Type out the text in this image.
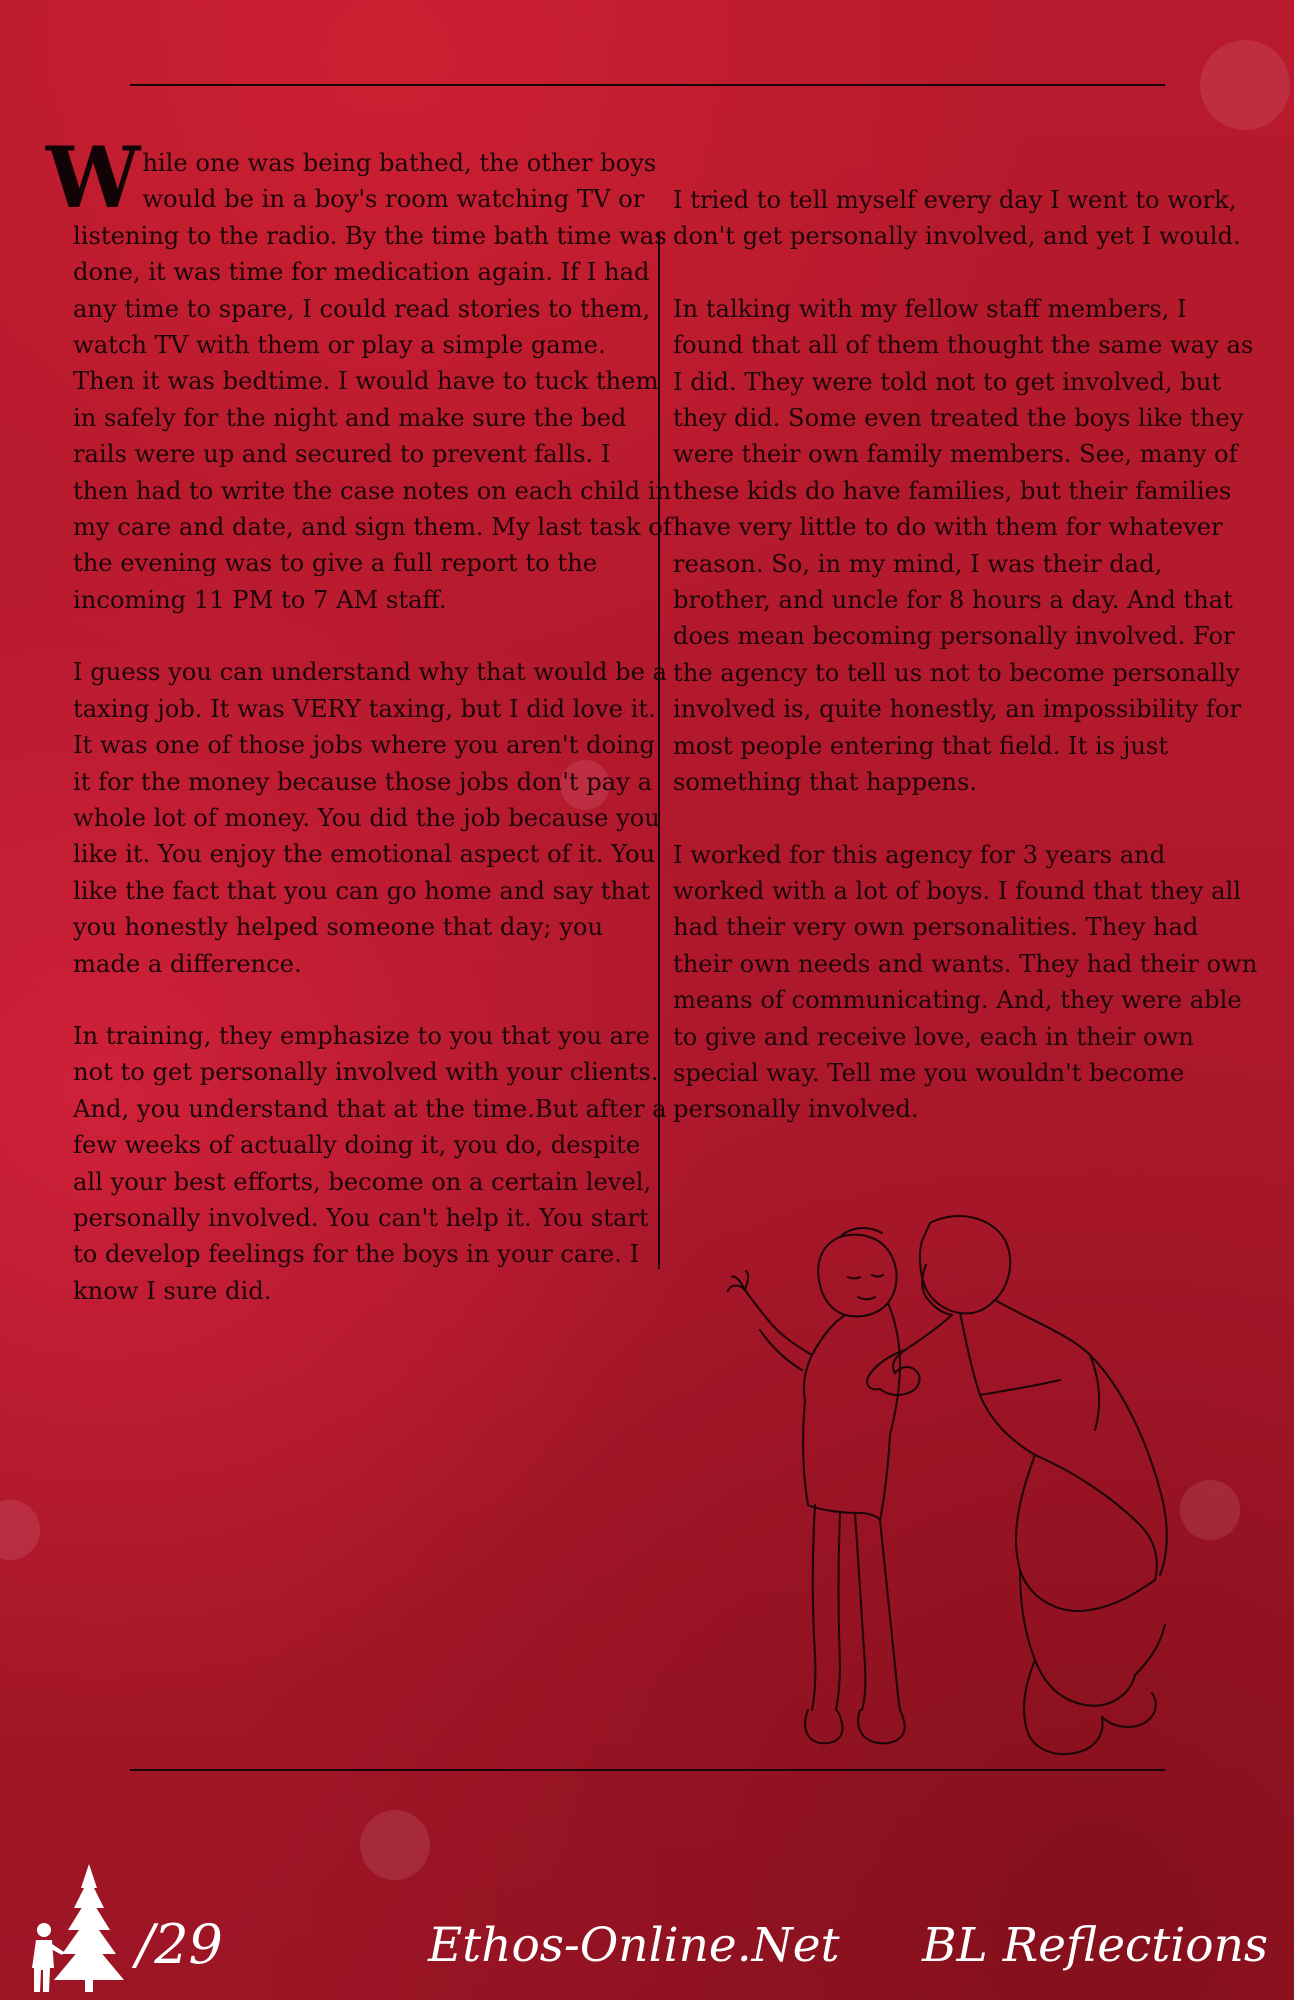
While one was being bathed, the other boys would be in a boy's room watching TV or listening to the radio. By the time bath time was done, it was time for medication again. If I had any time to spare, I could read stories to them, watch TV with them or play a simple game. Then it was bedtime. I would have to tuck them in safely for the night and make sure the bed rails were up and secured to prevent falls. I then had to write the case notes on each child in my care and date, and sign them. My last task of the evening was to give a full report to the incoming 11 PM to 7 AM staff.

I guess you can understand why that would be a taxing job. It was VERY taxing, but I did love it. It was one of those jobs where you aren't doing it for the money because those jobs don't pay a whole lot of money. You did the job because you like it. You enjoy the emotional aspect of it. You like the fact that you can go home and say that you honestly helped someone that day; you made a difference.

In training, they emphasize to you that you are not to get personally involved with your clients. And, you understand that at the time.But after a few weeks of actually doing it, you do, despite all your best efforts, become on a certain level, personally involved. You can't help it. You start to develop feelings for the boys in your care. I know I sure did.

I tried to tell myself every day I went to work, don't get personally involved, and yet I would.

In talking with my fellow staff members, I found that all of them thought the same way as I did. They were told not to get involved, but they did. Some even treated the boys like they were their own family members. See, many of these kids do have families, but their families have very little to do with them for whatever reason. So, in my mind, I was their dad, brother, and uncle for 8 hours a day. And that does mean becoming personally involved. For the agency to tell us not to become personally involved is, quite honestly, an impossibility for most people entering that field. It is just something that happens.

I worked for this agency for 3 years and worked with a lot of boys. I found that they all had their very own personalities. They had their own needs and wants. They had their own means of communicating. And, they were able to give and receive love, each in their own special way. Tell me you wouldn't become personally involved.

/29	Ethos-Online.Net BL Reflections
